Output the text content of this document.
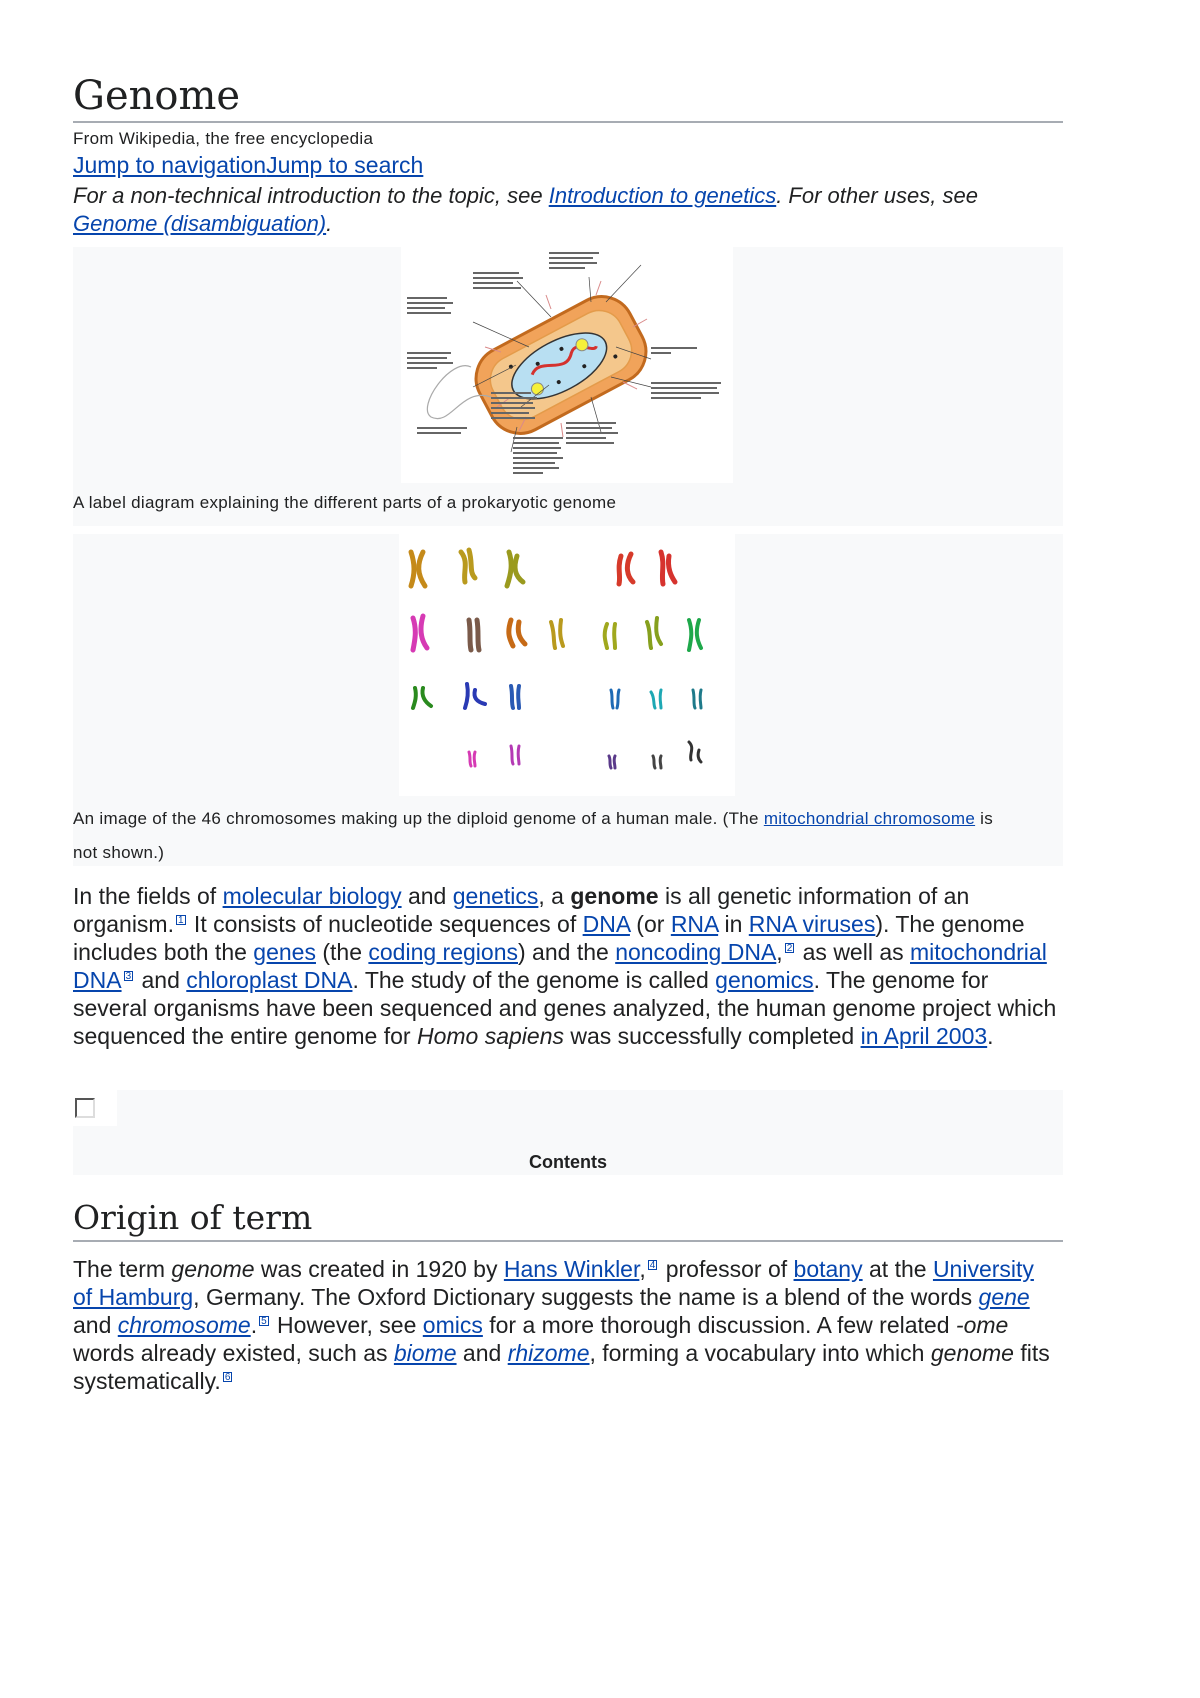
Genome
From Wikipedia, the free encyclopedia
Jump to navigationJump to search
For a non-technical introduction to the topic, see Introduction to genetics. For other uses, see Genome (disambiguation).
A label diagram explaining the different parts of a prokaryotic genome
An image of the 46 chromosomes making up the diploid genome of a human male. (The mitochondrial chromosome is not shown.)
In the fields of molecular biology and genetics, a genome is all genetic information of an organism. 1 It consists of nucleotide sequences of DNA (or RNA in RNA viruses). The genome includes both the genes (the coding regions) and the noncoding DNA, 2 as well as mitochondrial DNA 3 and chloroplast DNA. The study of the genome is called genomics. The genome for several organisms have been sequenced and genes analyzed, the human genome project which sequenced the entire genome for Homo sapiens was successfully completed in April 2003.
Contents
Origin of term
The term genome was created in 1920 by Hans Winkler, 4 professor of botany at the University of Hamburg, Germany. The Oxford Dictionary suggests the name is a blend of the words gene and chromosome. 5 However, see omics for a more thorough discussion. A few related -ome words already existed, such as biome and rhizome, forming a vocabulary into which genome fits systematically. 6
